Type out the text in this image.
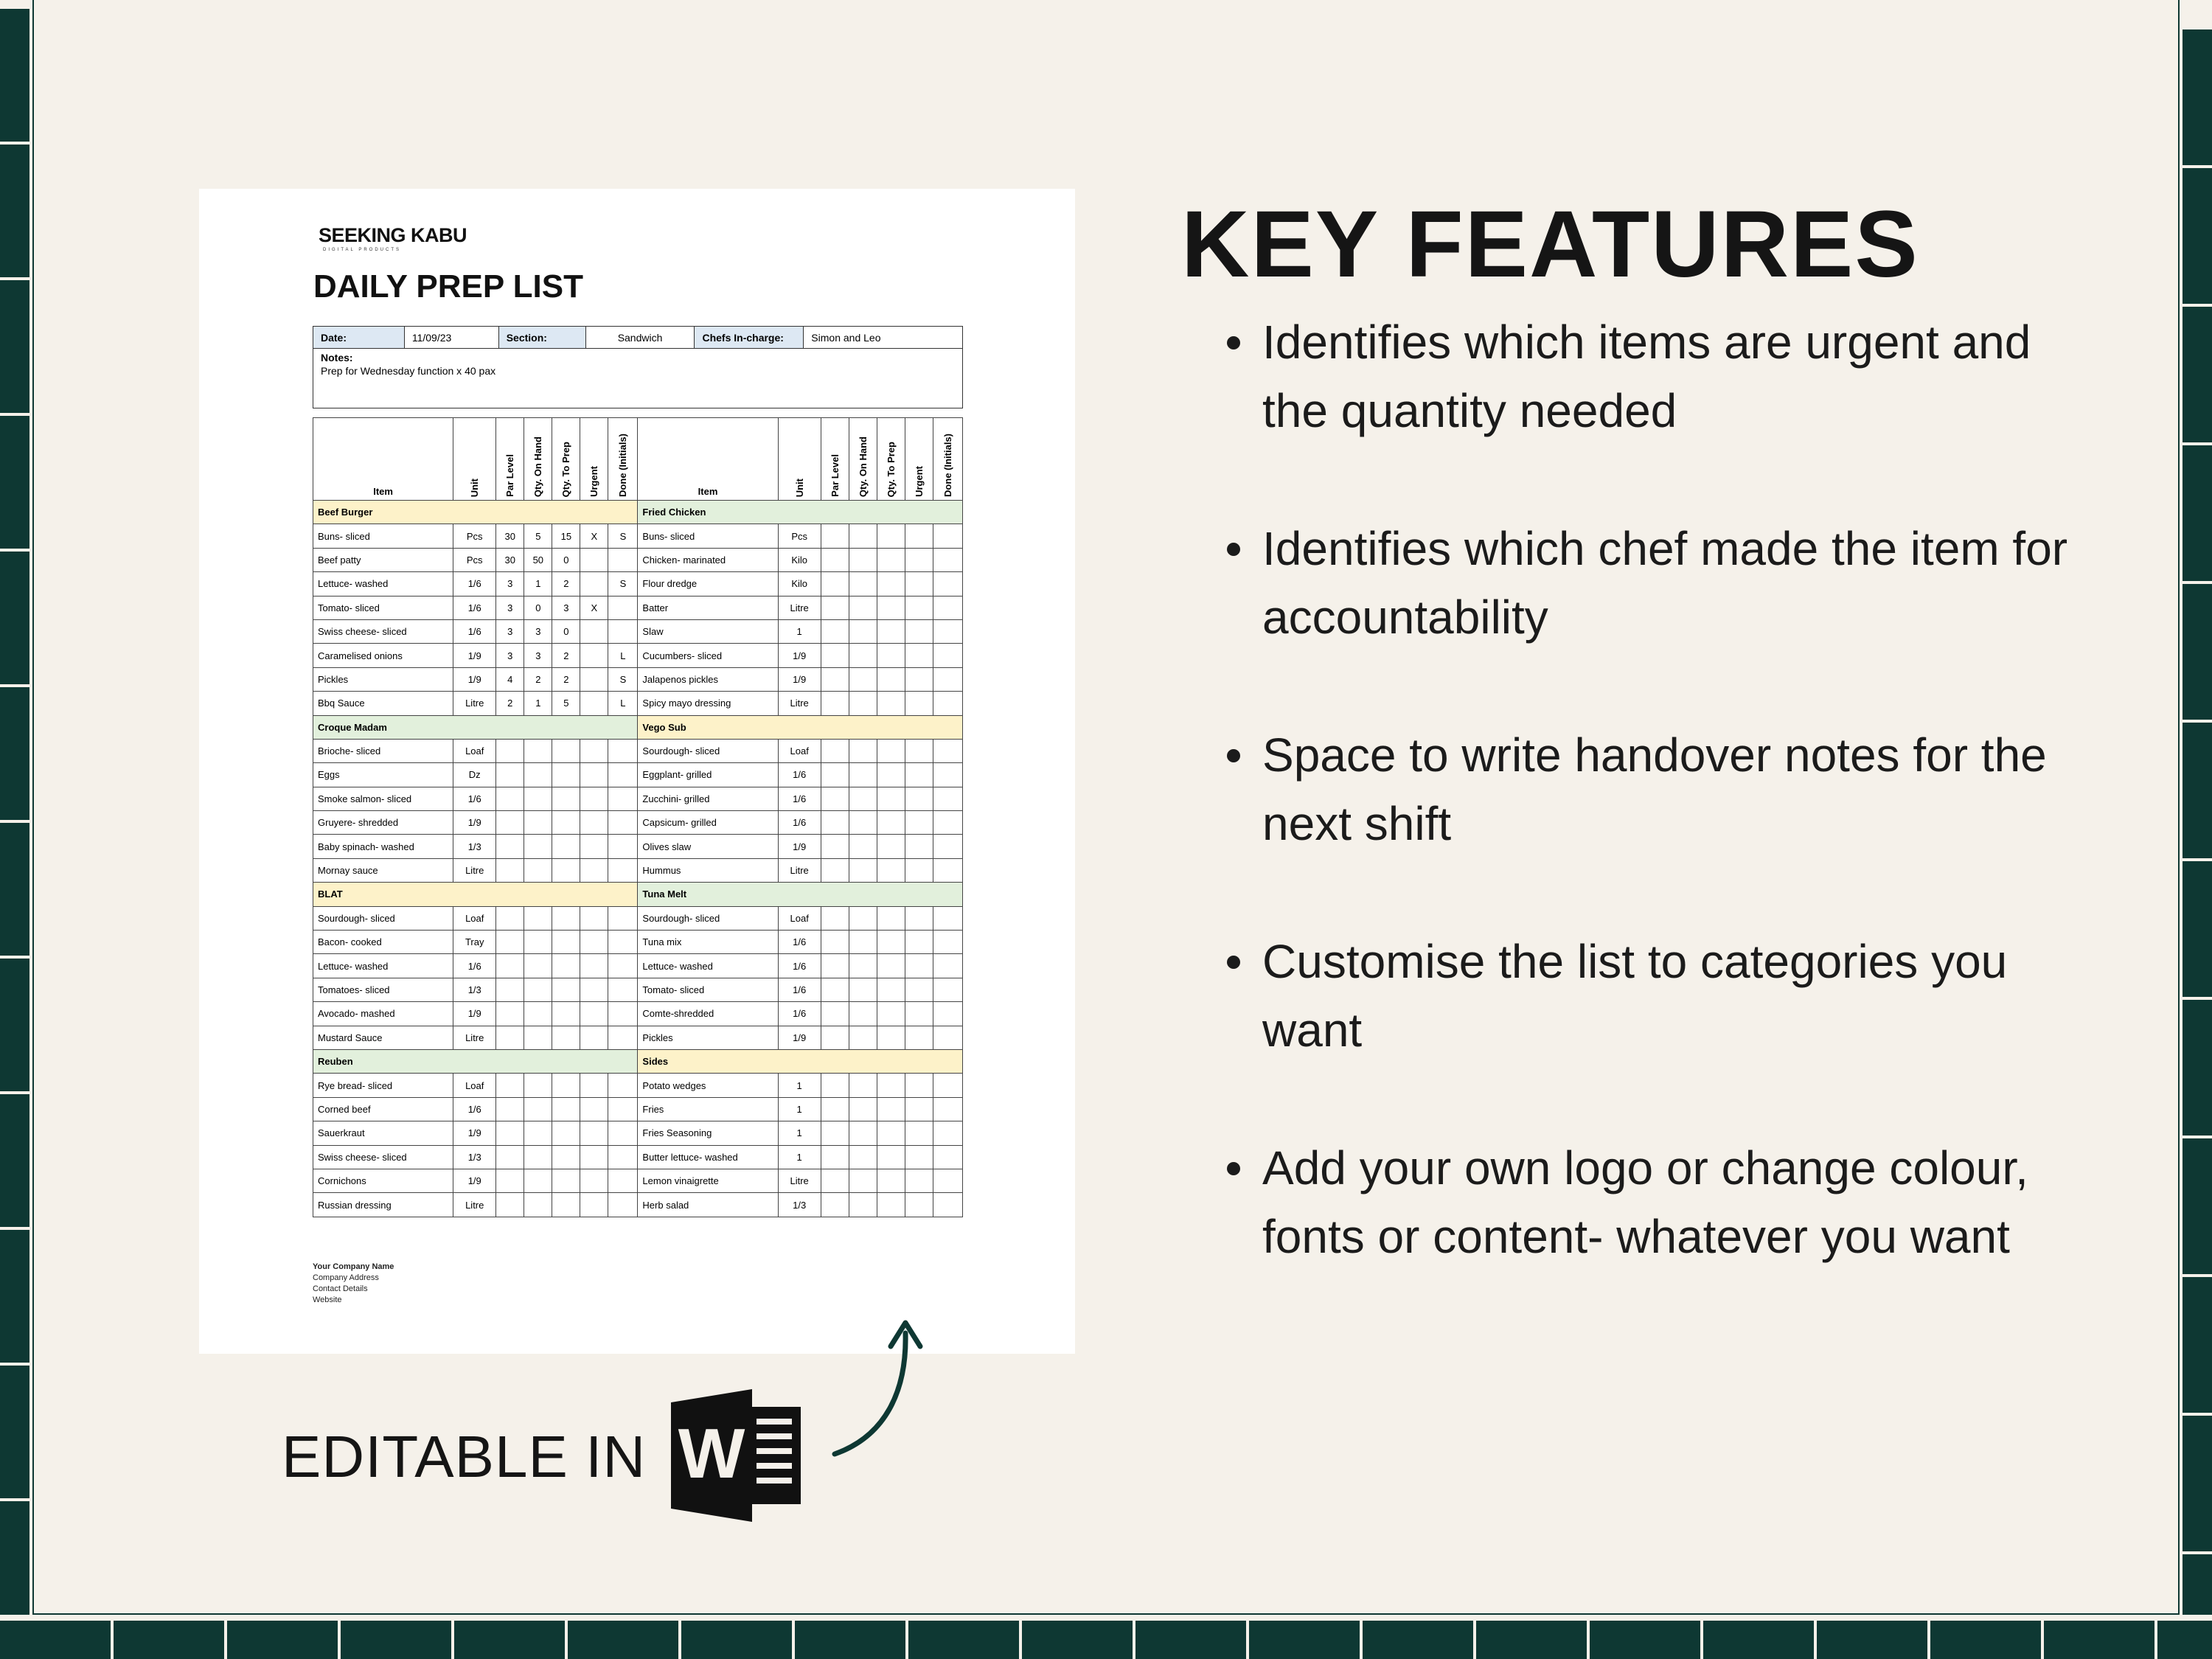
SEEKING KABU
DIGITAL PRODUCTS
DAILY PREP LIST
Date:	11/09/23	Section:	Sandwich	Chefs In-charge:	Simon and Leo
Notes:
Prep for Wednesday function x 40 pax
Item	Unit	Par Level	Qty. On Hand	Qty. To Prep	Urgent	Done (Initials)	Item	Unit	Par Level	Qty. On Hand	Qty. To Prep	Urgent	Done (Initials)

Beef Burger							Fried Chicken						
Buns- sliced	Pcs	30	5	15	X	S	Buns- sliced	Pcs					
Beef patty	Pcs	30	50	0			Chicken- marinated	Kilo					
Lettuce- washed	1/6	3	1	2		S	Flour dredge	Kilo					
Tomato- sliced	1/6	3	0	3	X		Batter	Litre					
Swiss cheese- sliced	1/6	3	3	0			Slaw	1					
Caramelised onions	1/9	3	3	2		L	Cucumbers- sliced	1/9					
Pickles	1/9	4	2	2		S	Jalapenos pickles	1/9					
Bbq Sauce	Litre	2	1	5		L	Spicy mayo dressing	Litre					
Croque Madam							Vego Sub						
Brioche- sliced	Loaf						Sourdough- sliced	Loaf					
Eggs	Dz						Eggplant- grilled	1/6					
Smoke salmon- sliced	1/6						Zucchini- grilled	1/6					
Gruyere- shredded	1/9						Capsicum- grilled	1/6					
Baby spinach- washed	1/3						Olives slaw	1/9					
Mornay sauce	Litre						Hummus	Litre					
BLAT							Tuna Melt						
Sourdough- sliced	Loaf						Sourdough- sliced	Loaf					
Bacon- cooked	Tray						Tuna mix	1/6					
Lettuce- washed	1/6						Lettuce- washed	1/6					
Tomatoes- sliced	1/3						Tomato- sliced	1/6					
Avocado- mashed	1/9						Comte-shredded	1/6					
Mustard Sauce	Litre						Pickles	1/9					
Reuben							Sides						
Rye bread- sliced	Loaf						Potato wedges	1					
Corned beef	1/6						Fries	1					
Sauerkraut	1/9						Fries Seasoning	1					
Swiss cheese- sliced	1/3						Butter lettuce- washed	1					
Cornichons	1/9						Lemon vinaigrette	Litre					
Russian dressing	Litre						Herb salad	1/3					
Your Company Name
Company Address
Contact Details
Website
EDITABLE IN W
KEY FEATURES
Identifies which items are urgent and the quantity needed
Identifies which chef made the item for accountability
Space to write handover notes for the next shift
Customise the list to categories you want
Add your own logo or change colour, fonts or content- whatever you want
